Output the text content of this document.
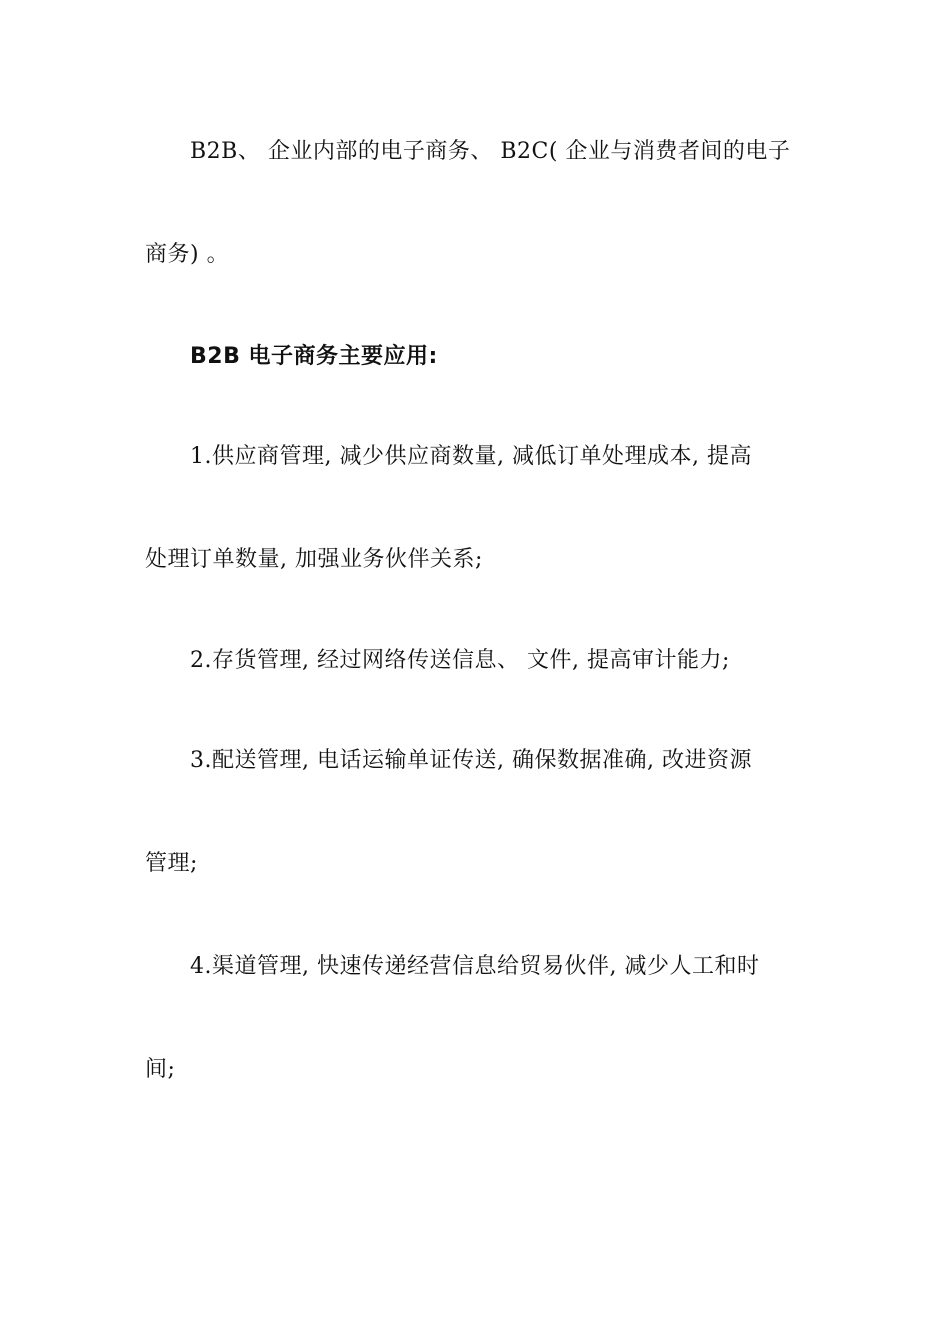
B2B、 企业内部的电子商务、 B2C( 企业与消费者间的电子
商务) 。
B2B 电子商务主要应用:
1.供应商管理, 减少供应商数量, 减低订单处理成本, 提高
处理订单数量, 加强业务伙伴关系;
2.存货管理, 经过网络传送信息、 文件, 提高审计能力;
3.配送管理, 电话运输单证传送, 确保数据准确, 改进资源
管理;
4.渠道管理, 快速传递经营信息给贸易伙伴, 减少人工和时
间;
